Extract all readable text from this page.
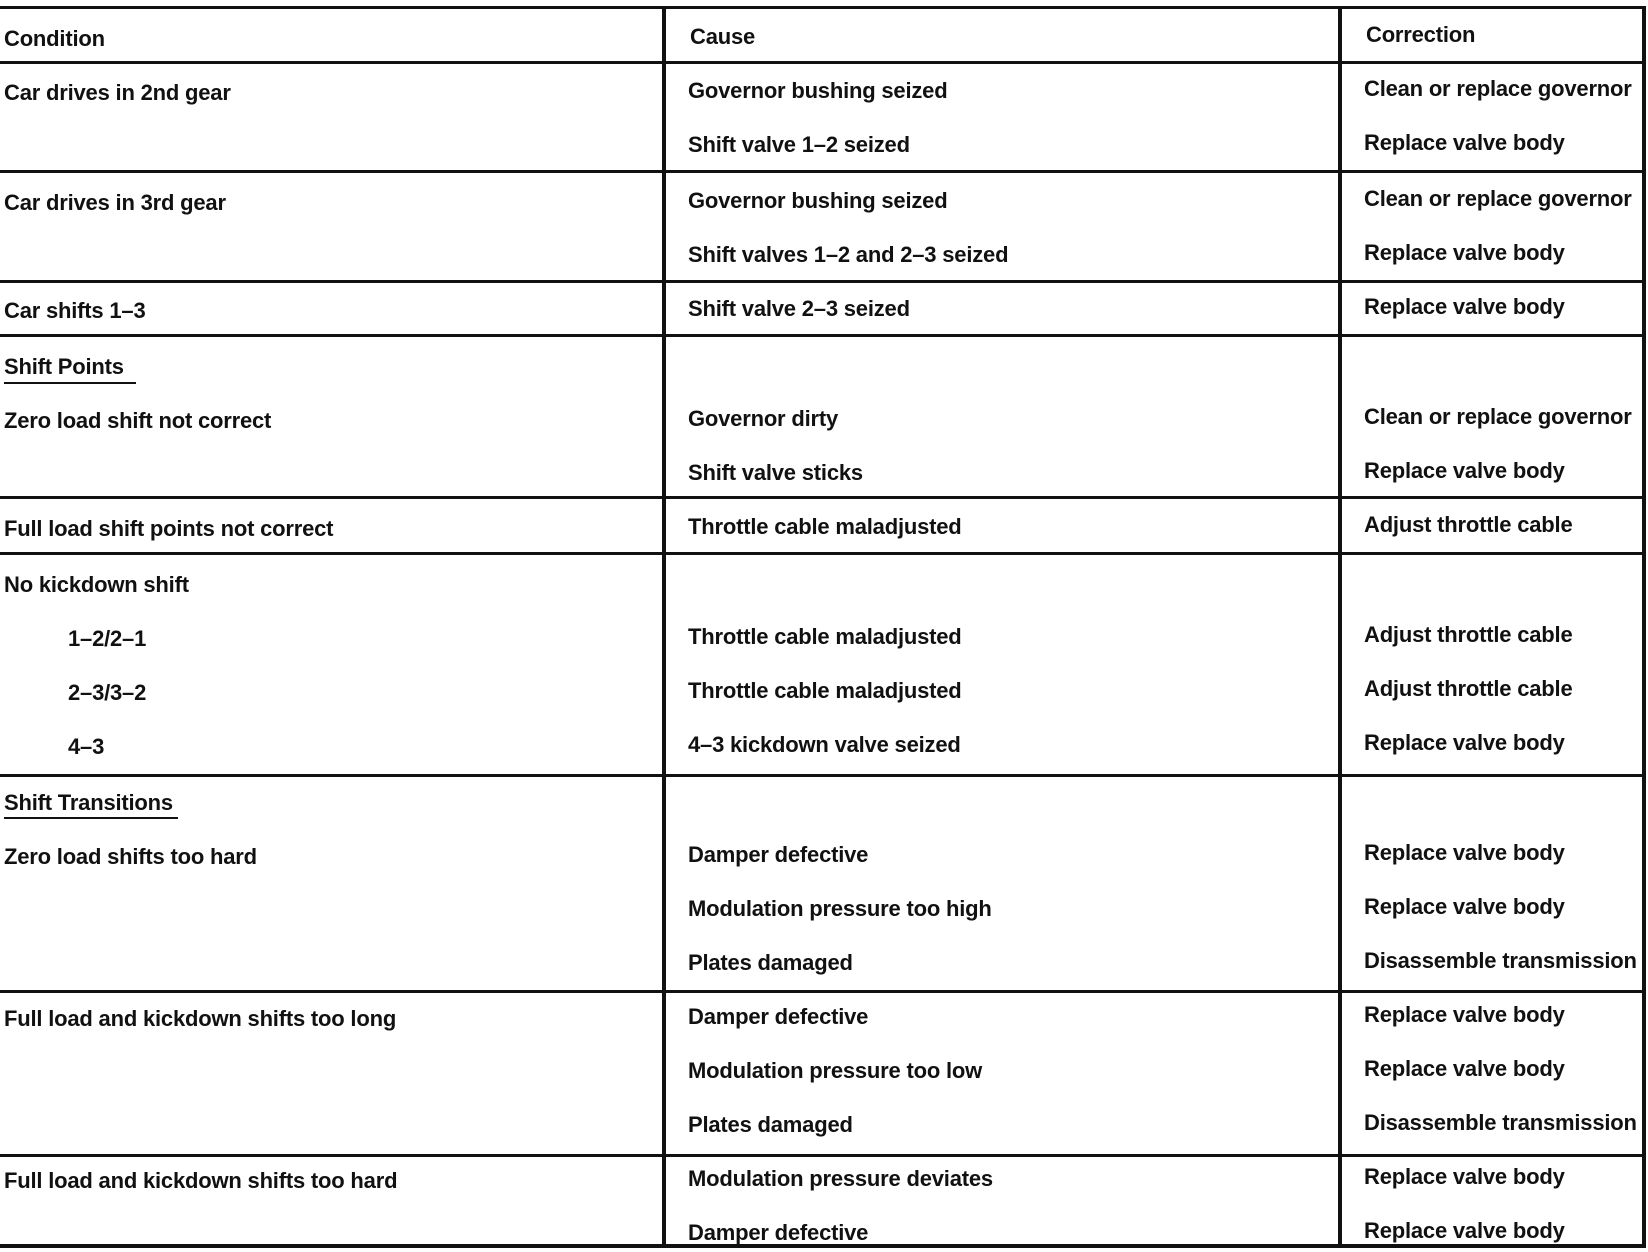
Condition	Cause	Correction
Car drives in 2nd gear	Governor bushing seized	Clean or replace governor
Shift valve 1–2 seized	Replace valve body
Car drives in 3rd gear	Governor bushing seized	Clean or replace governor
Shift valves 1–2 and 2–3 seized	Replace valve body
Car shifts 1–3	Shift valve 2–3 seized	Replace valve body
Shift Points
Zero load shift not correct	Governor dirty	Clean or replace governor
Shift valve sticks	Replace valve body
Full load shift points not correct	Throttle cable maladjusted	Adjust throttle cable
No kickdown shift
1–2/2–1	Throttle cable maladjusted	Adjust throttle cable
2–3/3–2	Throttle cable maladjusted	Adjust throttle cable
4–3	4–3 kickdown valve seized	Replace valve body
Shift Transitions
Zero load shifts too hard	Damper defective	Replace valve body
Modulation pressure too high	Replace valve body
Plates damaged	Disassemble transmission
Full load and kickdown shifts too long	Damper defective	Replace valve body
Modulation pressure too low	Replace valve body
Plates damaged	Disassemble transmission
Full load and kickdown shifts too hard	Modulation pressure deviates	Replace valve body
Damper defective	Replace valve body
